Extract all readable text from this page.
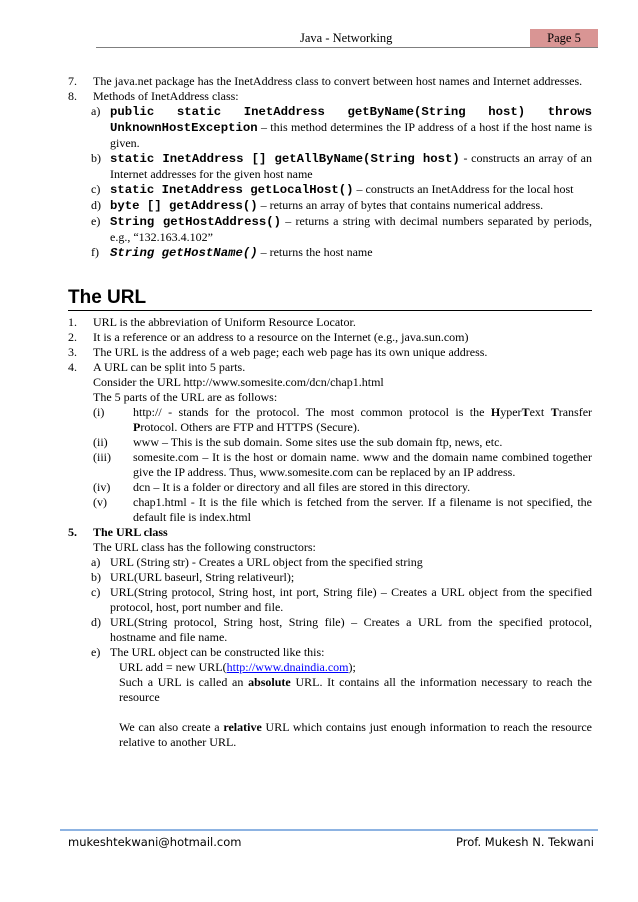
Java - Networking	Page 5
7.	The java.net package has the InetAddress class to convert between host names and Internet addresses.
8.	Methods of InetAddress class:
a) public static InetAddress getByName(String host) throws UnknownHostException – this method determines the IP address of a host if the host name is given.
b) static InetAddress [] getAllByName(String host) - constructs an array of an Internet addresses for the given host name
c) static InetAddress getLocalHost() – constructs an InetAddress for the local host
d) byte [] getAddress() – returns an array of bytes that contains numerical address.
e) String getHostAddress() – returns a string with decimal numbers separated by periods, e.g., “132.163.4.102”
f) String getHostName() – returns the host name
The URL
1.	URL is the abbreviation of Uniform Resource Locator.
2.	It is a reference or an address to a resource on the Internet (e.g., java.sun.com)
3.	The URL is the address of a web page; each web page has its own unique address.
4.	A URL can be split into 5 parts.
Consider the URL http://www.somesite.com/dcn/chap1.html
The 5 parts of the URL are as follows:
(i)	http:// - stands for the protocol. The most common protocol is the HyperText Transfer Protocol. Others are FTP and HTTPS (Secure).
(ii)	www – This is the sub domain. Some sites use the sub domain ftp, news, etc.
(iii)	somesite.com – It is the host or domain name. www and the domain name combined together give the IP address. Thus, www.somesite.com can be replaced by an IP address.
(iv)	dcn – It is a folder or directory and all files are stored in this directory.
(v)	chap1.html - It is the file which is fetched from the server. If a filename is not specified, the default file is index.html
5.	The URL class
The URL class has the following constructors:
a) URL (String str) - Creates a URL object from the specified string
b) URL(URL baseurl, String relativeurl);
c) URL(String protocol, String host, int port, String file) – Creates a URL object from the specified protocol, host, port number and file.
d) URL(String protocol, String host, String file) – Creates a URL from the specified protocol, hostname and file name.
e) The URL object can be constructed like this:
URL add = new URL(http://www.dnaindia.com);
Such a URL is called an absolute URL. It contains all the information necessary to reach the resource
We can also create a relative URL which contains just enough information to reach the resource relative to another URL.
mukeshtekwani@hotmail.com	Prof. Mukesh N. Tekwani
